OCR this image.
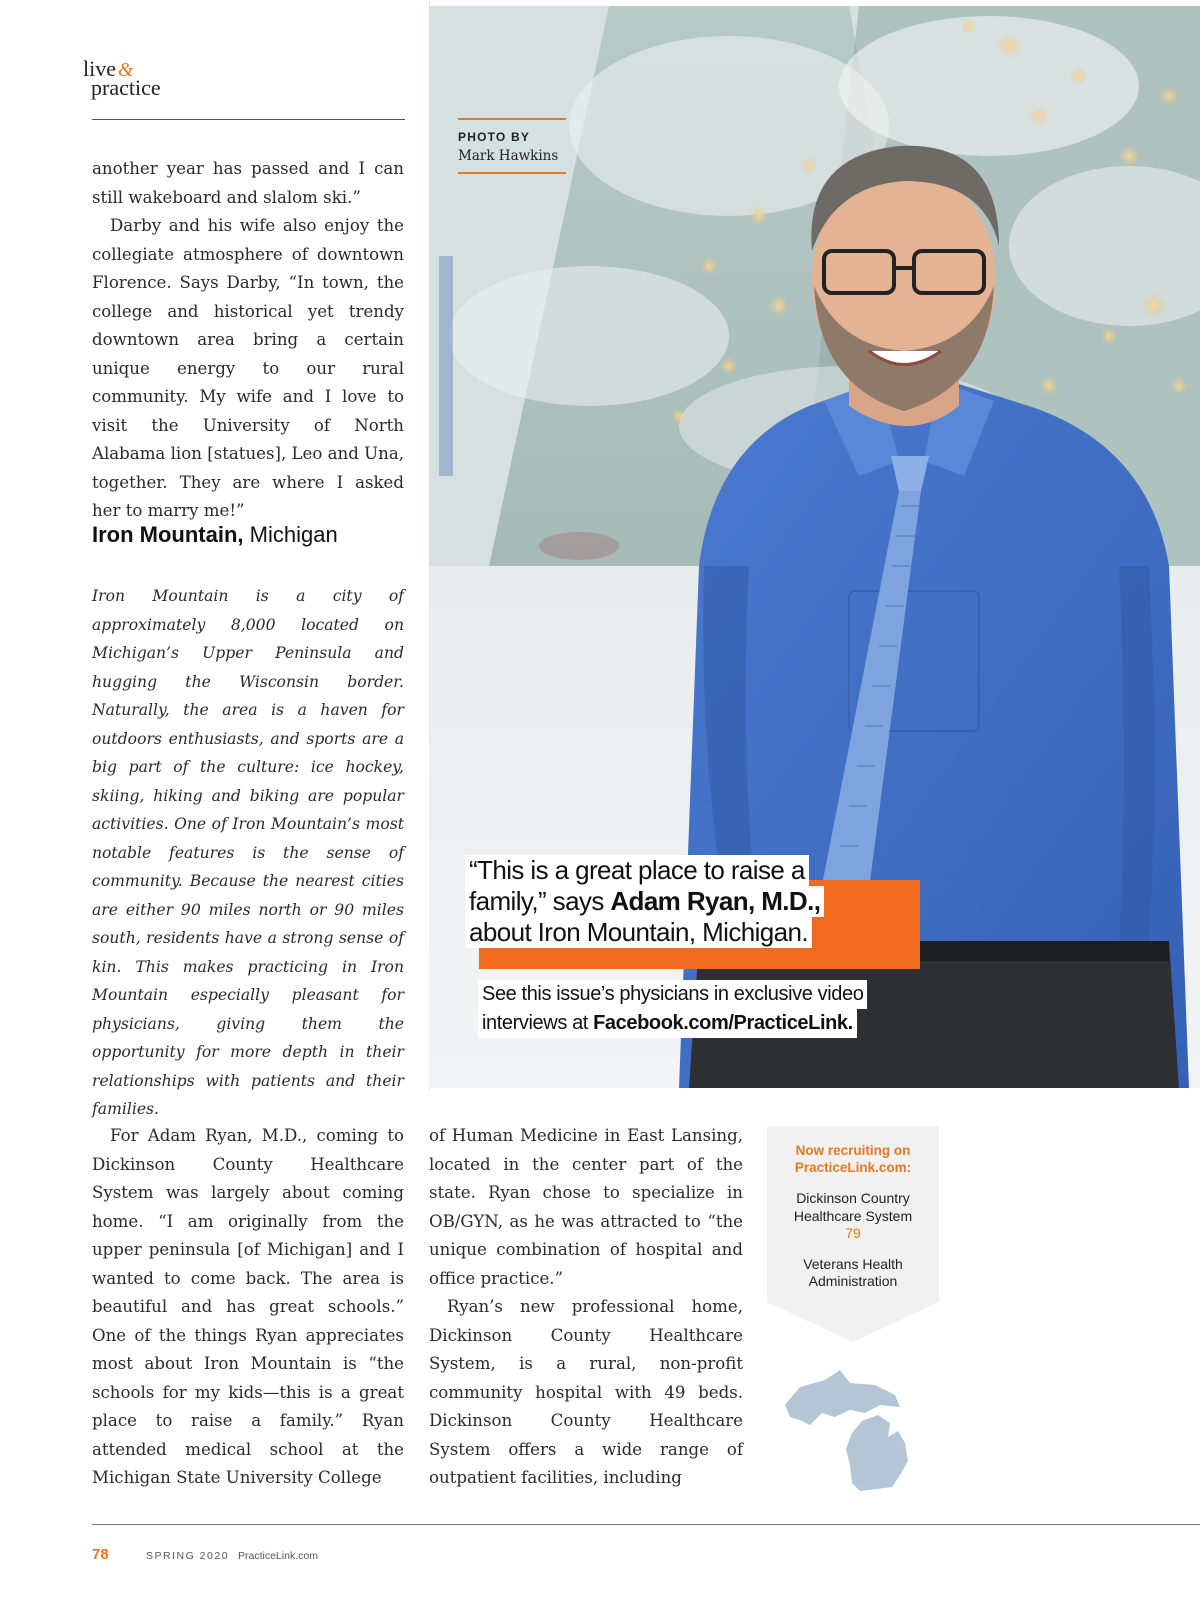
live &
practice
PHOTO BY
Mark Hawkins
“This is a great place to raise a
family,” says Adam Ryan, M.D.,
about Iron Mountain, Michigan.
See this issue’s physicians in exclusive video
interviews at Facebook.com/PracticeLink.

another year has passed and I can still wakeboard and slalom ski.”

Darby and his wife also enjoy the collegiate atmosphere of downtown Florence. Says Darby, “In town, the college and historical yet trendy downtown area bring a certain unique energy to our rural community. My wife and I love to visit the University of North Alabama lion [statues], Leo and Una, together. They are where I asked her to marry me!”

Iron Mountain, Michigan

Iron Mountain is a city of approximately 8,000 located on Michigan’s Upper Peninsula and hugging the Wisconsin border. Naturally, the area is a haven for outdoors enthusiasts, and sports are a big part of the culture: ice hockey, skiing, hiking and biking are popular activities. One of Iron Mountain’s most notable features is the sense of community. Because the nearest cities are either 90 miles north or 90 miles south, residents have a strong sense of kin. This makes practicing in Iron Mountain especially pleasant for physicians, giving them the opportunity for more depth in their relationships with patients and their families.

For Adam Ryan, M.D., coming to Dickinson County Healthcare System was largely about coming home. “I am originally from the upper peninsula [of Michigan] and I wanted to come back. The area is beautiful and has great schools.” One of the things Ryan appreciates most about Iron Mountain is “the schools for my kids—this is a great place to raise a family.” Ryan attended medical school at the Michigan State University College

of Human Medicine in East Lansing, located in the center part of the state. Ryan chose to specialize in OB/GYN, as he was attracted to “the unique combination of hospital and office practice.”

Ryan’s new professional home, Dickinson County Healthcare System, is a rural, non-profit community hospital with 49 beds. Dickinson County Healthcare System offers a wide range of outpatient facilities, including

Now recruiting on PracticeLink.com:
Dickinson Country Healthcare System
79
Veterans Health Administration
78	SPRING 2020 PracticeLink.com
